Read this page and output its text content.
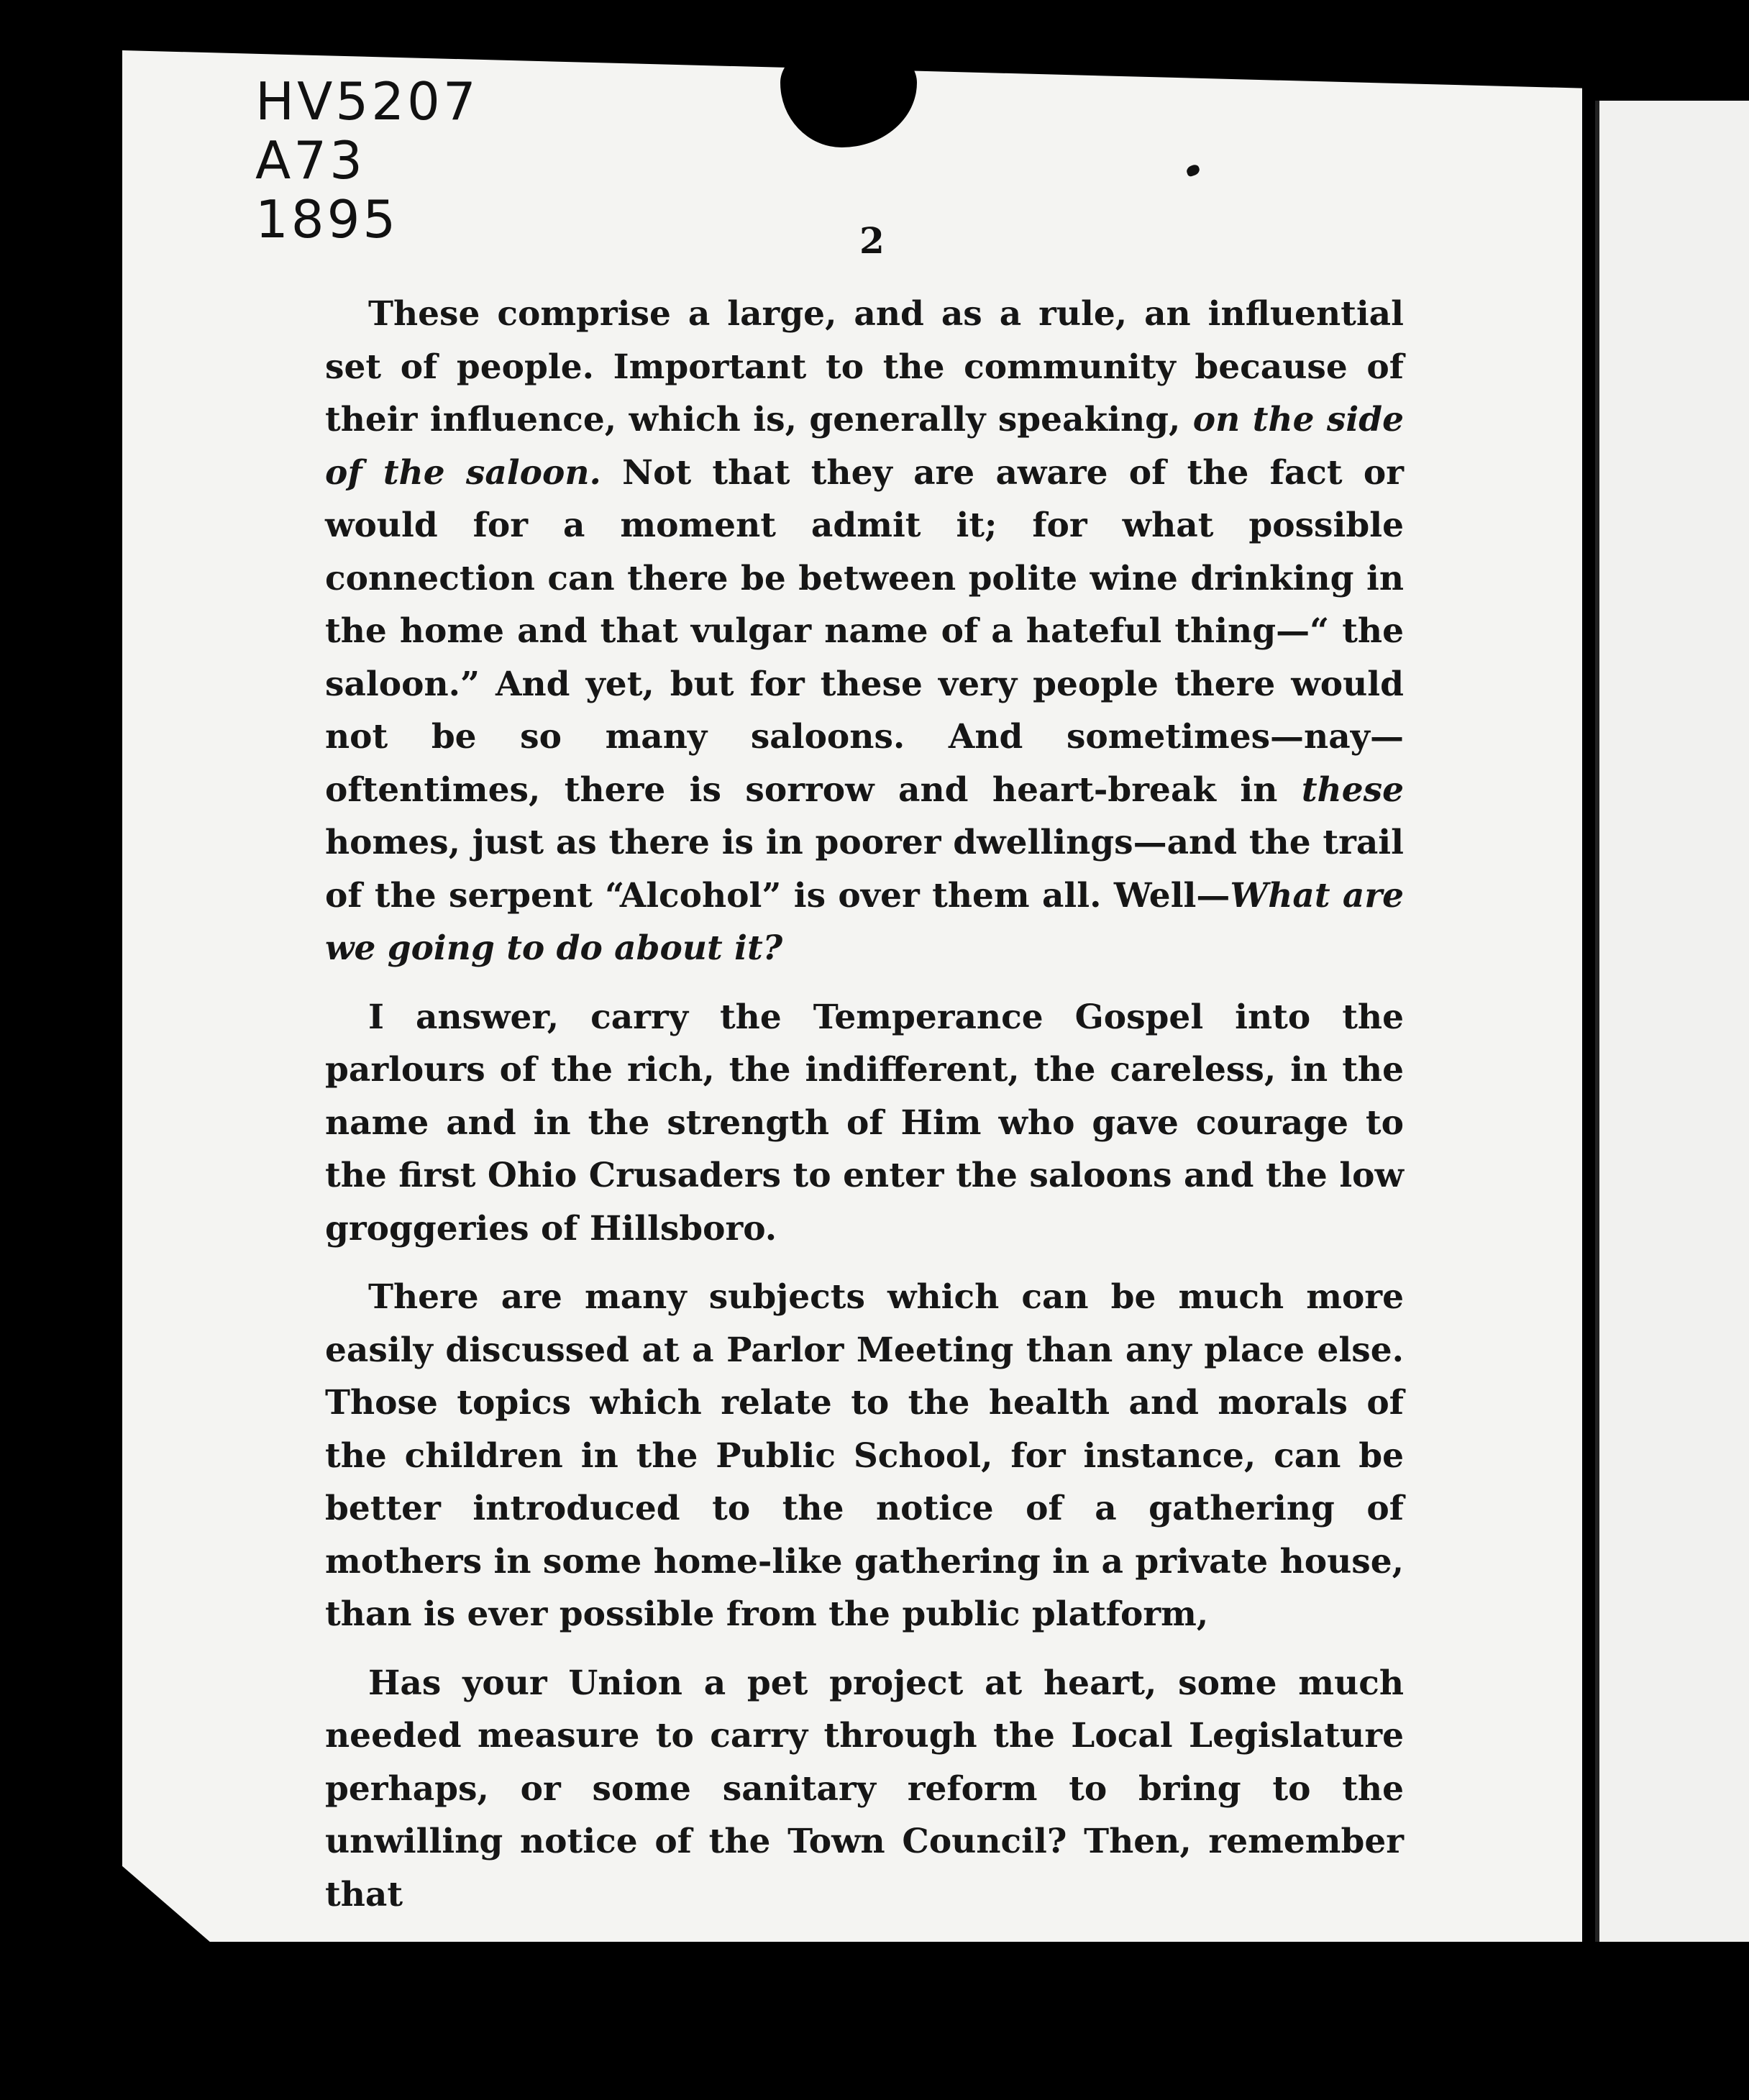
HV5207
A73
1895	2

These comprise a large, and as a rule, an influential set of people. Important to the community because of their influence, which is, generally speaking, on the side of the saloon. Not that they are aware of the fact or would for a moment admit it; for what possible connection can there be between polite wine drinking in the home and that vulgar name of a hateful thing—“ the saloon.” And yet, but for these very people there would not be so many saloons. And sometimes—nay—oftentimes, there is sorrow and heart-break in these homes, just as there is in poorer dwellings—and the trail of the serpent “Alcohol” is over them all. Well—What are we going to do about it?

I answer, carry the Temperance Gospel into the parlours of the rich, the indifferent, the careless, in the name and in the strength of Him who gave courage to the first Ohio Crusaders to enter the saloons and the low groggeries of Hillsboro.

There are many subjects which can be much more easily discussed at a Parlor Meeting than any place else. Those topics which relate to the health and morals of the children in the Public School, for instance, can be better introduced to the notice of a gathering of mothers in some home-like gathering in a private house, than is ever possible from the public platform,

Has your Union a pet project at heart, some much needed measure to carry through the Local Legislature perhaps, or some sanitary reform to bring to the unwilling notice of the Town Council? Then, remember that
